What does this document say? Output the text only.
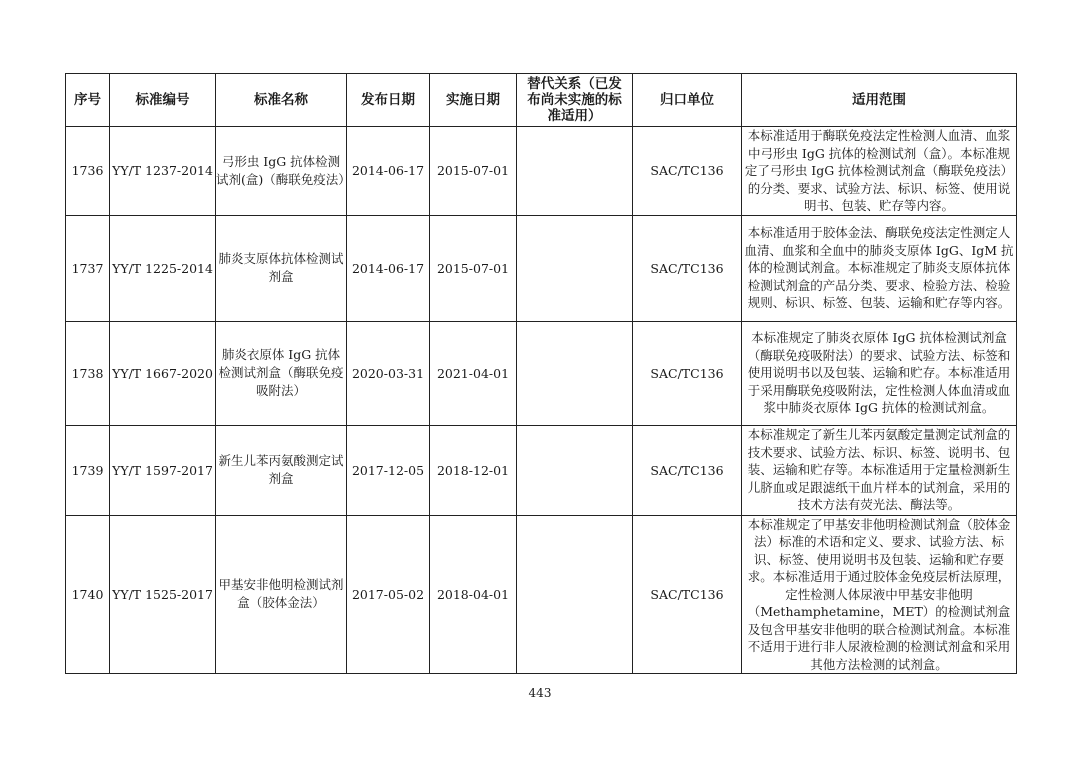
序号	标准编号	标准名称	发布日期	实施日期	替代关系（已发布尚未实施的标准适用）	归口单位	适用范围
1736	YY/T 1237-2014	弓形虫 IgG 抗体检测试剂(盒)（酶联免疫法）	2014-06-17	2015-07-01		SAC/TC136	本标准适用于酶联免疫法定性检测人血清、血浆中弓形虫 IgG 抗体的检测试剂（盒）。本标准规定了弓形虫 IgG 抗体检测试剂盒（酶联免疫法）的分类、要求、试验方法、标识、标签、使用说明书、包装、贮存等内容。
1737	YY/T 1225-2014	肺炎支原体抗体检测试剂盒	2014-06-17	2015-07-01		SAC/TC136	本标准适用于胶体金法、酶联免疫法定性测定人血清、血浆和全血中的肺炎支原体 IgG、IgM 抗体的检测试剂盒。本标准规定了肺炎支原体抗体检测试剂盒的产品分类、要求、检验方法、检验规则、标识、标签、包装、运输和贮存等内容。
1738	YY/T 1667-2020	肺炎衣原体 IgG 抗体检测试剂盒（酶联免疫吸附法）	2020-03-31	2021-04-01		SAC/TC136	本标准规定了肺炎衣原体 IgG 抗体检测试剂盒（酶联免疫吸附法）的要求、试验方法、标签和使用说明书以及包装、运输和贮存。本标准适用于采用酶联免疫吸附法，定性检测人体血清或血浆中肺炎衣原体 IgG 抗体的检测试剂盒。
1739	YY/T 1597-2017	新生儿苯丙氨酸测定试剂盒	2017-12-05	2018-12-01		SAC/TC136	本标准规定了新生儿苯丙氨酸定量测定试剂盒的技术要求、试验方法、标识、标签、说明书、包装、运输和贮存等。本标准适用于定量检测新生儿脐血或足跟滤纸干血片样本的试剂盒，采用的技术方法有荧光法、酶法等。
1740	YY/T 1525-2017	甲基安非他明检测试剂盒（胶体金法）	2017-05-02	2018-04-01		SAC/TC136	本标准规定了甲基安非他明检测试剂盒（胶体金法）标准的术语和定义、要求、试验方法、标识、标签、使用说明书及包装、运输和贮存要求。本标准适用于通过胶体金免疫层析法原理，定性检测人体尿液中甲基安非他明（Methamphetamine，MET）的检测试剂盒及包含甲基安非他明的联合检测试剂盒。本标准不适用于进行非人尿液检测的检测试剂盒和采用其他方法检测的试剂盒。
443
